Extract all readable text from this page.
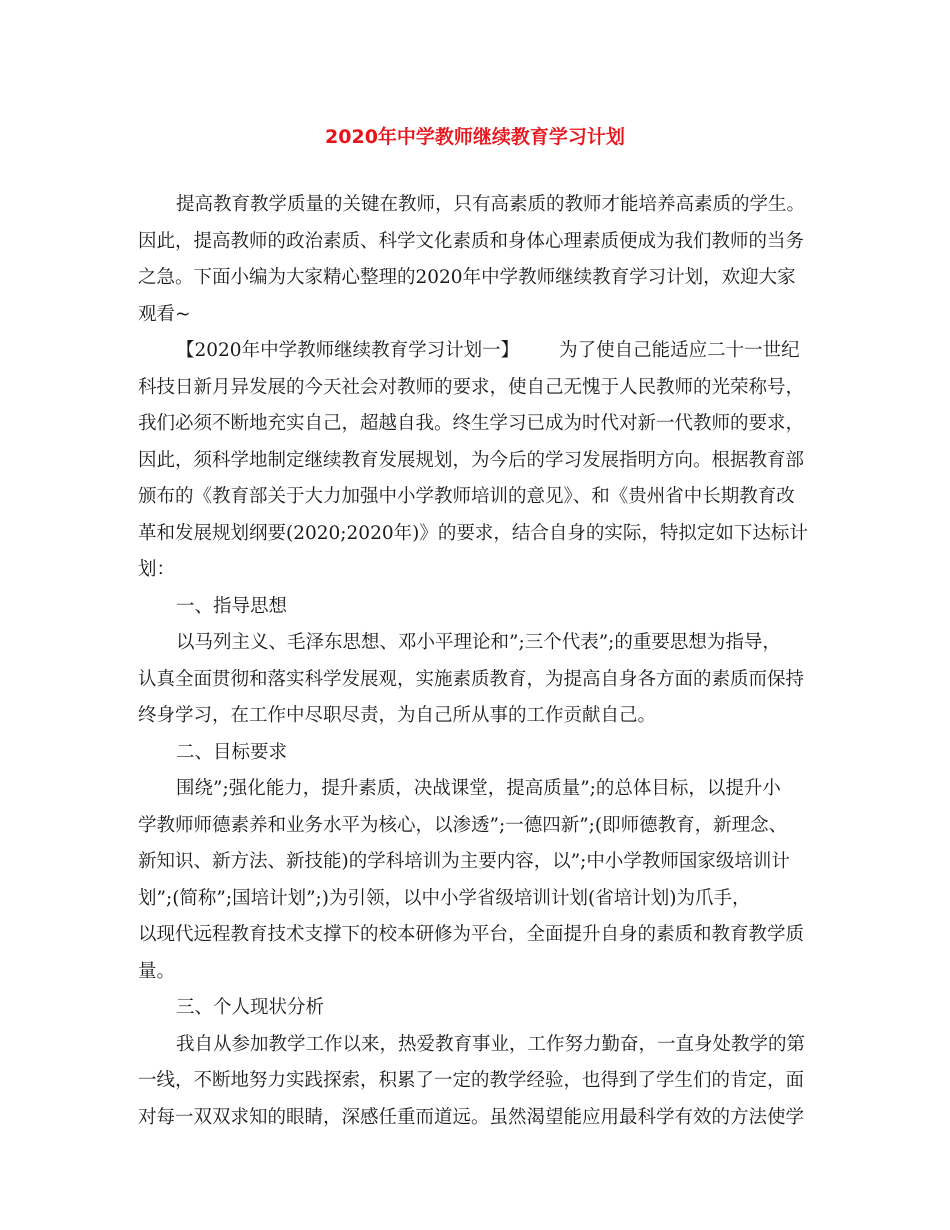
2020年中学教师继续教育学习计划
提高教育教学质量的关键在教师，只有高素质的教师才能培养高素质的学生。
因此，提高教师的政治素质、科学文化素质和身体心理素质便成为我们教师的当务
之急。下面小编为大家精心整理的2020年中学教师继续教育学习计划，欢迎大家
观看~
【2020年中学教师继续教育学习计划一】 为了使自己能适应二十一世纪
科技日新月异发展的今天社会对教师的要求，使自己无愧于人民教师的光荣称号，
我们必须不断地充实自己，超越自我。终生学习已成为时代对新一代教师的要求，
因此，须科学地制定继续教育发展规划，为今后的学习发展指明方向。根据教育部
颁布的《教育部关于大力加强中小学教师培训的意见》、和《贵州省中长期教育改
革和发展规划纲要(2020;2020年)》的要求，结合自身的实际，特拟定如下达标计
划：
一、指导思想
以马列主义、毛泽东思想、邓小平理论和”;三个代表”;的重要思想为指导，
认真全面贯彻和落实科学发展观，实施素质教育，为提高自身各方面的素质而保持
终身学习，在工作中尽职尽责，为自己所从事的工作贡献自己。
二、目标要求
围绕”;强化能力，提升素质，决战课堂，提高质量”;的总体目标，以提升小
学教师师德素养和业务水平为核心，以渗透”;一德四新”;(即师德教育，新理念、
新知识、新方法、新技能)的学科培训为主要内容，以”;中小学教师国家级培训计
划”;(简称”;国培计划”;)为引领，以中小学省级培训计划(省培计划)为爪手，
以现代远程教育技术支撑下的校本研修为平台，全面提升自身的素质和教育教学质
量。
三、个人现状分析
我自从参加教学工作以来，热爱教育事业，工作努力勤奋，一直身处教学的第
一线，不断地努力实践探索，积累了一定的教学经验，也得到了学生们的肯定，面
对每一双双求知的眼睛，深感任重而道远。虽然渴望能应用最科学有效的方法使学
